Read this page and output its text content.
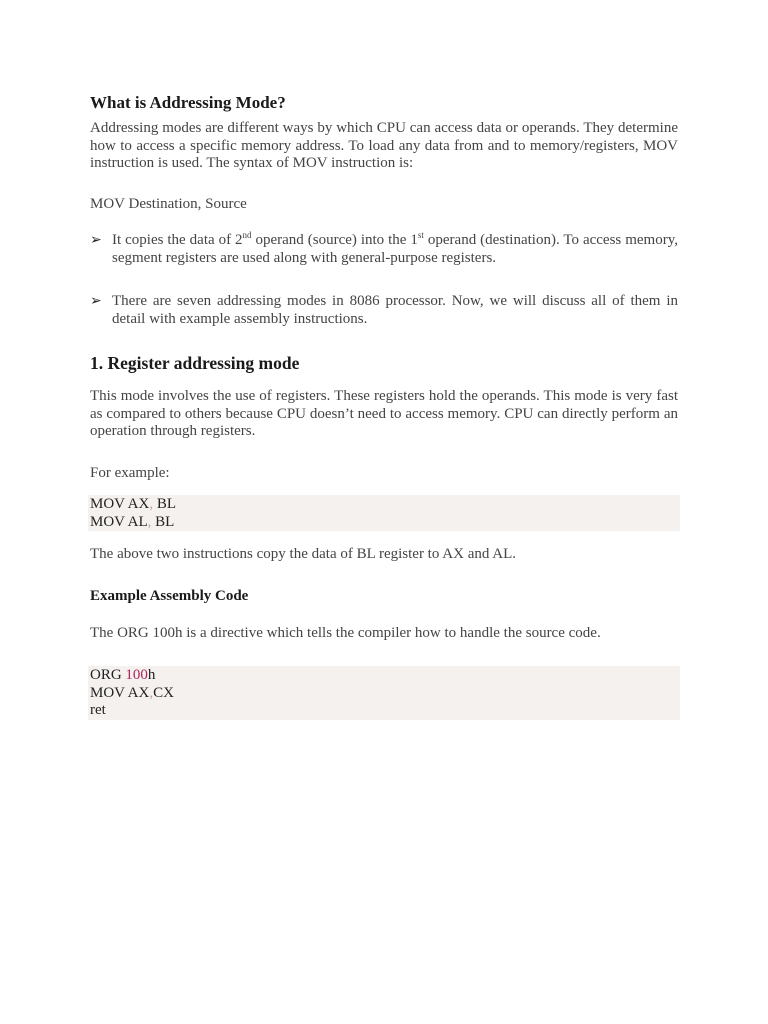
What is Addressing Mode?

Addressing modes are different ways by which CPU can access data or operands. They determine how to access a specific memory address. To load any data from and to memory/registers, MOV instruction is used. The syntax of MOV instruction is:

MOV Destination, Source

➢ It copies the data of 2nd operand (source) into the 1st operand (destination). To access memory, segment registers are used along with general-purpose registers.
➢ There are seven addressing modes in 8086 processor. Now, we will discuss all of them in detail with example assembly instructions.
1. Register addressing mode

This mode involves the use of registers. These registers hold the operands. This mode is very fast as compared to others because CPU doesn’t need to access memory. CPU can directly perform an operation through registers.

For example:

MOV AX, BL
MOV AL, BL

The above two instructions copy the data of BL register to AX and AL.

Example Assembly Code

The ORG 100h is a directive which tells the compiler how to handle the source code.

ORG 100h
MOV AX,CX
ret
